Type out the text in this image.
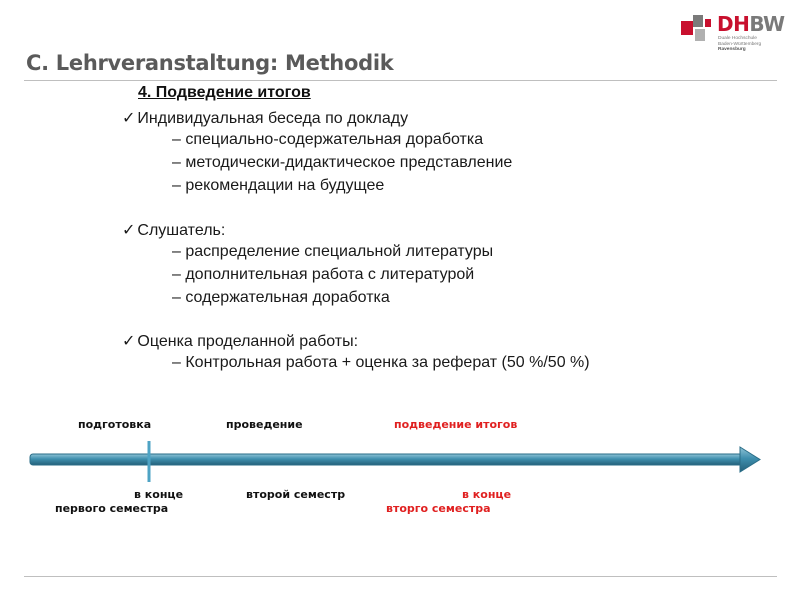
C. Lehrveranstaltung: Methodik
DHBW
Duale Hochschule
Baden-Württemberg
Ravensburg
4. Подведение итогов
✓ Индивидуальная беседа по докладу
– специально-содержательная доработка
– методически-дидактическое представление
– рекомендации на будущее
✓ Слушатель:
– распределение специальной литературы
– дополнительная работа с литературой
– содержательная доработка
✓ Оценка проделанной работы:
– Контрольная работа + оценка за реферат (50 %/50 %)
подготовка	проведение	подведение итогов
в конце
первого семестра
второй семестр	в конце
вторго семестра
